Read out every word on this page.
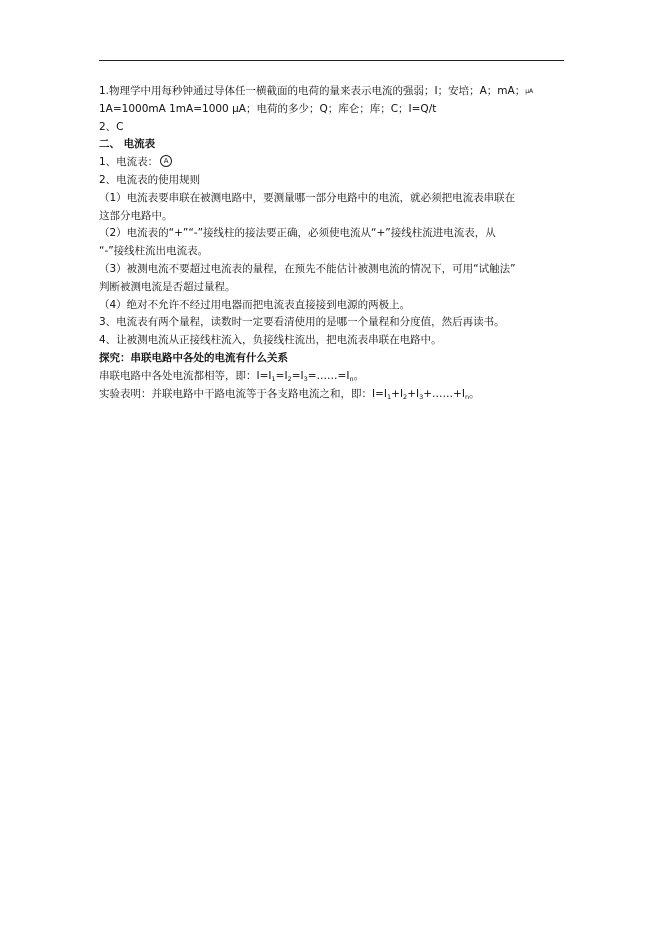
1.物理学中用每秒钟通过导体任一横截面的电荷的量来表示电流的强弱；I；安培；A；mA；$^{\mu A}$
1A=1000mA 1mA=1000 μA；电荷的多少；Q；库仑；库；C；I=Q/t
2、C
二、 电流表
1、电流表： A
2、电流表的使用规则
（1）电流表要串联在被测电路中，要测量哪一部分电路中的电流，就必须把电流表串联在
这部分电路中。
（2）电流表的“+”“-”接线柱的接法要正确，必须使电流从“+”接线柱流进电流表，从
“-”接线柱流出电流表。
（3）被测电流不要超过电流表的量程，在预先不能估计被测电流的情况下，可用“试触法”
判断被测电流是否超过量程。
（4）绝对不允许不经过用电器而把电流表直接接到电源的两极上。
3、电流表有两个量程，读数时一定要看清使用的是哪一个量程和分度值，然后再读书。
4、让被测电流从正接线柱流入，负接线柱流出，把电流表串联在电路中。
探究：串联电路中各处的电流有什么关系
串联电路中各处电流都相等，即：$I=I_1=I_2=I_3=\dots\dots=I_n$。
实验表明：并联电路中干路电流等于各支路电流之和，即：$I=I_1+I_2+I_3+\dots\dots+I_n$。
